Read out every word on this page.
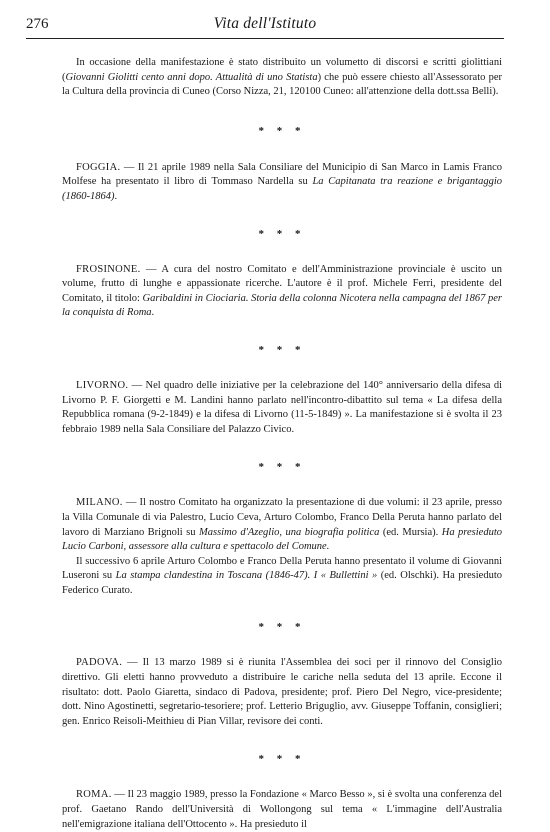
276	Vita dell'Istituto

In occasione della manifestazione è stato distribuito un volumetto di discorsi e scritti giolittiani (Giovanni Giolitti cento anni dopo. Attualità di uno Statista) che può essere chiesto all'Assessorato per la Cultura della provincia di Cuneo (Corso Nizza, 21, 120100 Cuneo: all'attenzione della dott.ssa Belli).

* * *

FOGGIA. — Il 21 aprile 1989 nella Sala Consiliare del Municipio di San Marco in Lamis Franco Molfese ha presentato il libro di Tommaso Nardella su La Capitanata tra reazione e brigantaggio (1860-1864).

* * *

FROSINONE. — A cura del nostro Comitato e dell'Amministrazione provinciale è uscito un volume, frutto di lunghe e appassionate ricerche. L'autore è il prof. Michele Ferri, presidente del Comitato, il titolo: Garibaldini in Ciociaria. Storia della colonna Nicotera nella campagna del 1867 per la conquista di Roma.

* * *

LIVORNO. — Nel quadro delle iniziative per la celebrazione del 140° anniversario della difesa di Livorno P. F. Giorgetti e M. Landini hanno parlato nell'incontro-dibattito sul tema « La difesa della Repubblica romana (9-2-1849) e la difesa di Livorno (11-5-1849) ». La manifestazione si è svolta il 23 febbraio 1989 nella Sala Consiliare del Palazzo Civico.

* * *

MILANO. — Il nostro Comitato ha organizzato la presentazione di due volumi: il 23 aprile, presso la Villa Comunale di via Palestro, Lucio Ceva, Arturo Colombo, Franco Della Peruta hanno parlato del lavoro di Marziano Brignoli su Massimo d'Azeglio, una biografia politica (ed. Mursia). Ha presieduto Lucio Carboni, assessore alla cultura e spettacolo del Comune.

Il successivo 6 aprile Arturo Colombo e Franco Della Peruta hanno presentato il volume di Giovanni Luseroni su La stampa clandestina in Toscana (1846-47). I « Bullettini » (ed. Olschki). Ha presieduto Federico Curato.

* * *

PADOVA. — Il 13 marzo 1989 si è riunita l'Assemblea dei soci per il rinnovo del Consiglio direttivo. Gli eletti hanno provveduto a distribuire le cariche nella seduta del 13 aprile. Eccone il risultato: dott. Paolo Giaretta, sindaco di Padova, presidente; prof. Piero Del Negro, vice-presidente; dott. Nino Agostinetti, segretario-tesoriere; prof. Letterio Briguglio, avv. Giuseppe Toffanin, consiglieri; gen. Enrico Reisoli-Meithieu di Pian Villar, revisore dei conti.

* * *

ROMA. — Il 23 maggio 1989, presso la Fondazione « Marco Besso », si è svolta una conferenza del prof. Gaetano Rando dell'Università di Wollongong sul tema « L'immagine dell'Australia nell'emigrazione italiana dell'Ottocento ». Ha presieduto il
